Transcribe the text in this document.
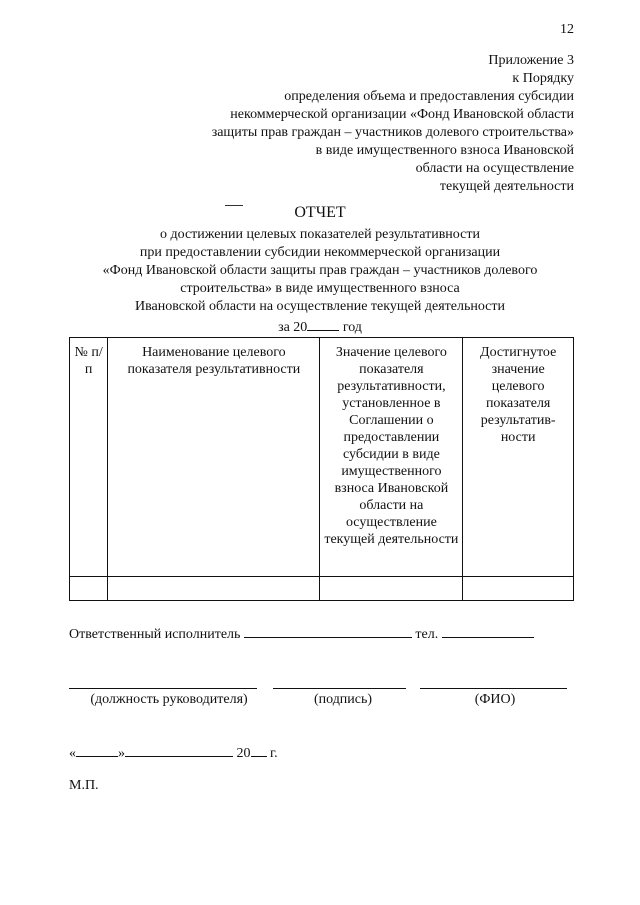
12
Приложение 3
к Порядку
определения объема и предоставления субсидии
некоммерческой организации «Фонд Ивановской области
защиты прав граждан – участников долевого строительства»
в виде имущественного взноса Ивановской
области на осуществление
текущей деятельности
ОТЧЕТ
о достижении целевых показателей результативности
при предоставлении субсидии некоммерческой организации
«Фонд Ивановской области защиты прав граждан – участников долевого
строительства» в виде имущественного взноса
Ивановской области на осуществление текущей деятельности
за 20	год
№ п/п	Наименование целевого показателя результативности	Значение целевого показателя результативности, установленное в Соглашении о предоставлении субсидии в виде имущественного взноса Ивановской области на осуществление текущей деятельности	Достигнутое значение целевого показателя результатив-ности

Ответственный исполнитель	тел.
(должность руководителя)	(подпись)	(ФИО)
«	»	20 г.
М.П.
